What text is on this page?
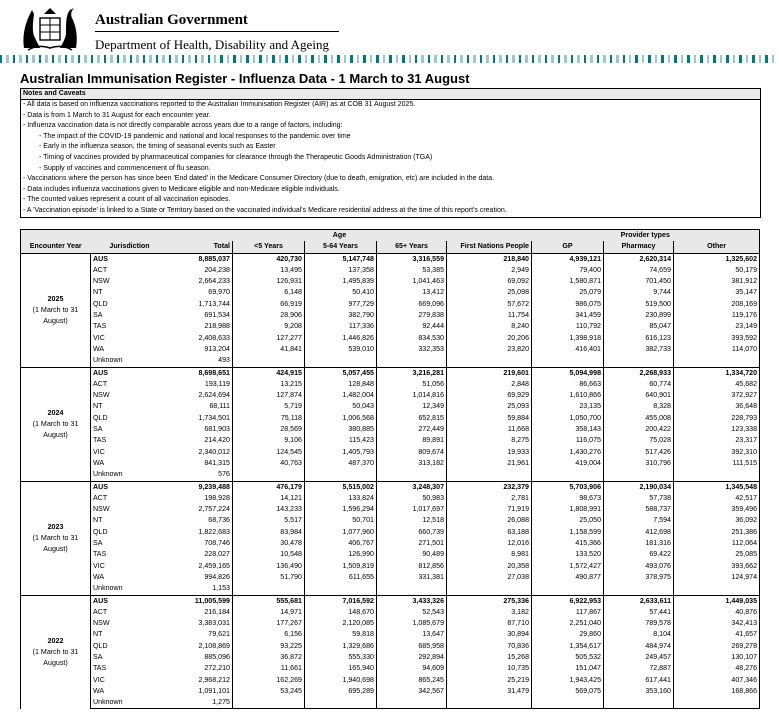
Australian Government
Department of Health, Disability and Ageing
Australian Immunisation Register - Influenza Data - 1 March to 31 August
Notes and Caveats
- All data is based on influenza vaccinations reported to the Australian Immunisation Register (AIR) as at COB 31 August 2025.
- Data is from 1 March to 31 August for each encounter year.
- Influenza vaccination data is not directly comparable across years due to a range of factors, including:
- The impact of the COVID-19 pandemic and national and local responses to the pandemic over time
- Early in the influenza season, the timing of seasonal events such as Easter
- Timing of vaccines provided by pharmaceutical companies for clearance through the Therapeutic Goods Administration (TGA)
- Supply of vaccines and commencement of flu season.
- Vaccinations where the person has since been 'End dated' in the Medicare Consumer Directory (due to death, emigration, etc) are included in the data.
- Data includes influenza vaccinations given to Medicare eligible and non-Medicare eligible individuals.
- The counted values represent a count of all vaccination episodes.
- A 'Vaccination episode' is linked to a State or Territory based on the vaccinated individual's Medicare residential address at the time of this report's creation.
			Age				Provider types		
Encounter Year	Jurisdiction	Total	<5 Years	5-64 Years	65+ Years	First Nations People	GP	Pharmacy	Other

2025
(1 March to 31 August)	AUS	8,885,037	420,730	5,147,748	3,316,559	218,840	4,939,121	2,620,314	1,325,602
	ACT	204,238	13,495	137,358	53,385	2,949	79,400	74,659	50,179
	NSW	2,664,233	126,931	1,495,839	1,041,463	69,092	1,580,871	701,450	381,912
	NT	69,970	6,148	50,410	13,412	25,098	25,079	9,744	35,147
	QLD	1,713,744	66,919	977,729	669,096	57,672	986,075	519,500	208,169
	SA	691,534	28,906	382,790	279,838	11,754	341,459	230,899	119,176
	TAS	218,988	9,208	117,336	92,444	8,240	110,792	85,047	23,149
	VIC	2,408,633	127,277	1,446,826	834,530	20,206	1,398,918	616,123	393,592
	WA	913,204	41,841	539,010	332,353	23,820	416,401	382,733	114,070
	Unknown	493							

2024
(1 March to 31 August)	AUS	8,698,651	424,915	5,057,455	3,216,281	219,601	5,094,998	2,268,933	1,334,720
	ACT	193,119	13,215	128,848	51,056	2,848	86,663	60,774	45,682
	NSW	2,624,694	127,874	1,482,004	1,014,816	69,929	1,610,866	640,901	372,927
	NT	68,111	5,719	50,043	12,349	25,093	23,135	8,328	36,648
	QLD	1,734,501	75,118	1,006,568	652,815	59,884	1,050,700	455,008	228,793
	SA	681,903	28,569	380,885	272,449	11,668	358,143	200,422	123,338
	TAS	214,420	9,106	115,423	89,891	8,275	116,075	75,028	23,317
	VIC	2,340,012	124,545	1,405,793	809,674	19,933	1,430,276	517,426	392,310
	WA	841,315	40,763	487,370	313,182	21,961	419,004	310,796	111,515
	Unknown	576							

2023
(1 March to 31 August)	AUS	9,239,488	476,179	5,515,002	3,248,307	232,379	5,703,906	2,190,034	1,345,548
	ACT	198,928	14,121	133,824	50,983	2,781	98,673	57,738	42,517
	NSW	2,757,224	143,233	1,596,294	1,017,697	71,919	1,808,991	588,737	359,496
	NT	68,736	5,517	50,701	12,518	26,088	25,050	7,594	36,092
	QLD	1,822,683	83,984	1,077,960	660,739	63,188	1,158,599	412,698	251,386
	SA	708,746	30,478	406,767	271,501	12,016	415,366	181,316	112,064
	TAS	228,027	10,548	126,990	90,489	8,981	133,520	69,422	25,085
	VIC	2,459,165	136,490	1,509,819	812,856	20,358	1,572,427	493,076	393,662
	WA	994,826	51,790	611,655	331,381	27,038	490,877	378,975	124,974
	Unknown	1,153							

2022
(1 March to 31 August)	AUS	11,005,599	555,681	7,016,592	3,433,326	275,336	6,922,953	2,633,611	1,449,035
	ACT	216,184	14,971	148,670	52,543	3,182	117,867	57,441	40,876
	NSW	3,383,031	177,267	2,120,085	1,085,679	87,710	2,251,040	789,578	342,413
	NT	79,621	6,156	59,818	13,647	30,894	29,860	8,104	41,657
	QLD	2,108,869	93,225	1,329,686	685,958	70,836	1,354,617	484,974	269,278
	SA	885,096	36,872	555,330	292,894	15,268	505,532	249,457	130,107
	TAS	272,210	11,661	165,940	94,609	10,735	151,047	72,887	48,276
	VIC	2,968,212	162,269	1,940,698	865,245	25,219	1,943,425	617,441	407,346
	WA	1,091,101	53,245	695,289	342,567	31,479	569,075	353,160	168,866
	Unknown	1,275							
